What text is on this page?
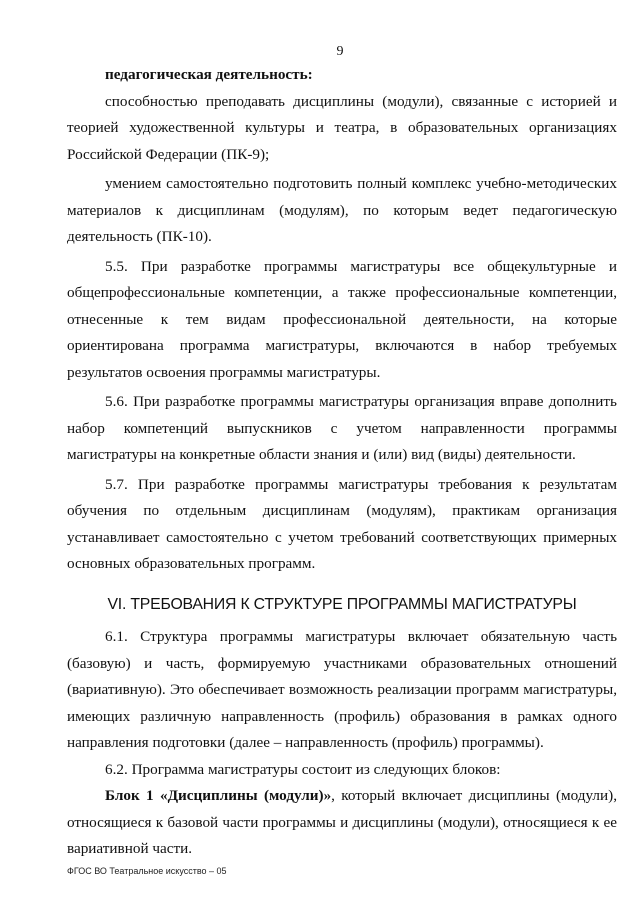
9

педагогическая деятельность:

способностью преподавать дисциплины (модули), связанные с историей и теорией художественной культуры и театра, в образовательных организациях Российской Федерации (ПК-9);

умением самостоятельно подготовить полный комплекс учебно-методических материалов к дисциплинам (модулям), по которым ведет педагогическую деятельность (ПК-10).

5.5. При разработке программы магистратуры все общекультурные и общепрофессиональные компетенции, а также профессиональные компетенции, отнесенные к тем видам профессиональной деятельности, на которые ориентирована программа магистратуры, включаются в набор требуемых результатов освоения программы магистратуры.

5.6. При разработке программы магистратуры организация вправе дополнить набор компетенций выпускников с учетом направленности программы магистратуры на конкретные области знания и (или) вид (виды) деятельности.

5.7. При разработке программы магистратуры требования к результатам обучения по отдельным дисциплинам (модулям), практикам организация устанавливает самостоятельно с учетом требований соответствующих примерных основных образовательных программ.

VI. ТРЕБОВАНИЯ К СТРУКТУРЕ ПРОГРАММЫ МАГИСТРАТУРЫ

6.1. Структура программы магистратуры включает обязательную часть (базовую) и часть, формируемую участниками образовательных отношений (вариативную). Это обеспечивает возможность реализации программ магистратуры, имеющих различную направленность (профиль) образования в рамках одного направления подготовки (далее – направленность (профиль) программы).

6.2. Программа магистратуры состоит из следующих блоков:

Блок 1 «Дисциплины (модули)», который включает дисциплины (модули), относящиеся к базовой части программы и дисциплины (модули), относящиеся к ее вариативной части.

ФГОС ВО Театральное искусство – 05
